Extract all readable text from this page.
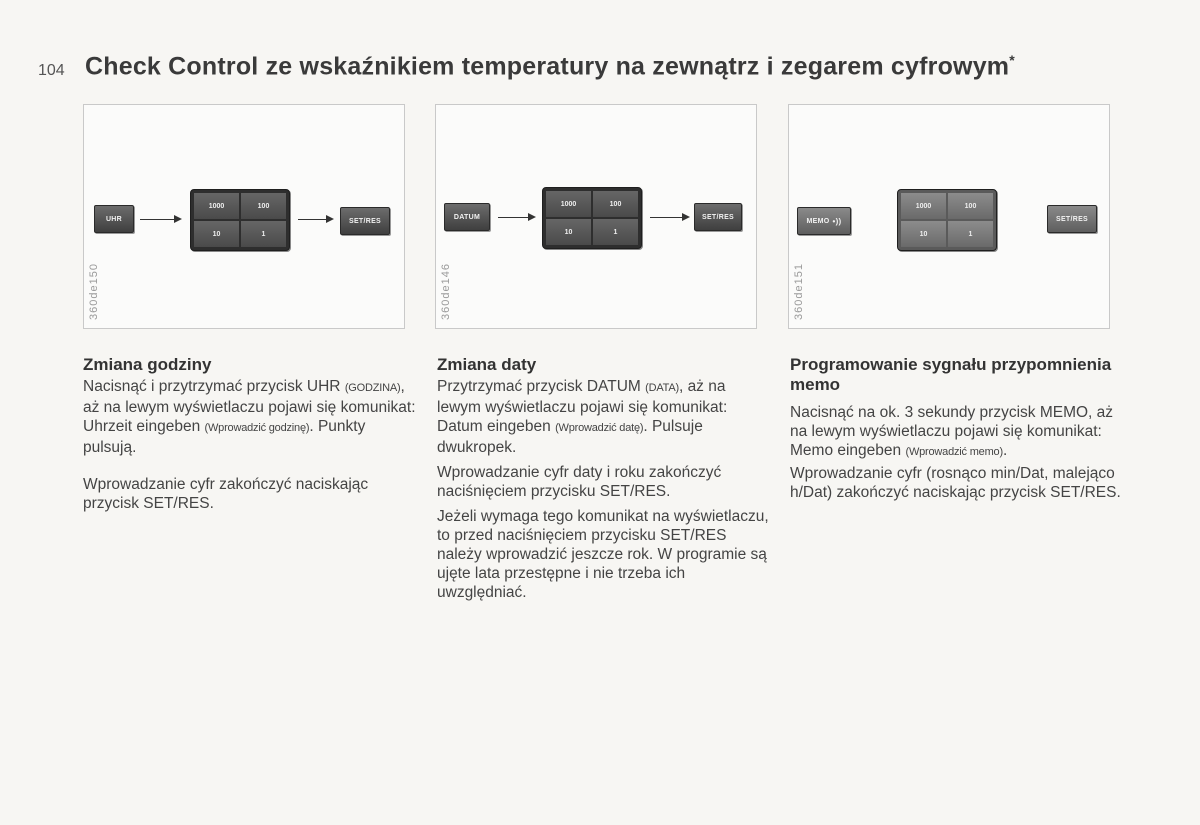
104 Check Control ze wskaźnikiem temperatury na zewnątrz i zegarem cyfrowym*
UHR
1000	100
10	1
SET/RES
360de150
DATUM
1000	100
10	1
SET/RES
360de146
MEMO •))
1000	100
10	1
SET/RES
360de151
Zmiana godziny

Nacisnąć i przytrzymać przycisk UHR (GODZINA), aż na lewym wyświetlaczu pojawi się komunikat: Uhrzeit eingeben (Wprowadzić godzinę). Punkty pulsują.

Wprowadzanie cyfr zakończyć naciskając przycisk SET/RES.

Zmiana daty

Przytrzymać przycisk DATUM (DATA), aż na lewym wyświetlaczu pojawi się komunikat: Datum eingeben (Wprowadzić datę). Pulsuje dwukropek.

Wprowadzanie cyfr daty i roku zakończyć naciśnięciem przycisku SET/RES.

Jeżeli wymaga tego komunikat na wyświetlaczu, to przed naciśnięciem przycisku SET/RES należy wprowadzić jeszcze rok. W programie są ujęte lata przestępne i nie trzeba ich uwzględniać.

Programowanie sygnału przypomnienia memo

Nacisnąć na ok. 3 sekundy przycisk MEMO, aż na lewym wyświetlaczu pojawi się komunikat: Memo eingeben (Wprowadzić memo).

Wprowadzanie cyfr (rosnąco min/Dat, malejąco h/Dat) zakończyć naciskając przycisk SET/RES.
